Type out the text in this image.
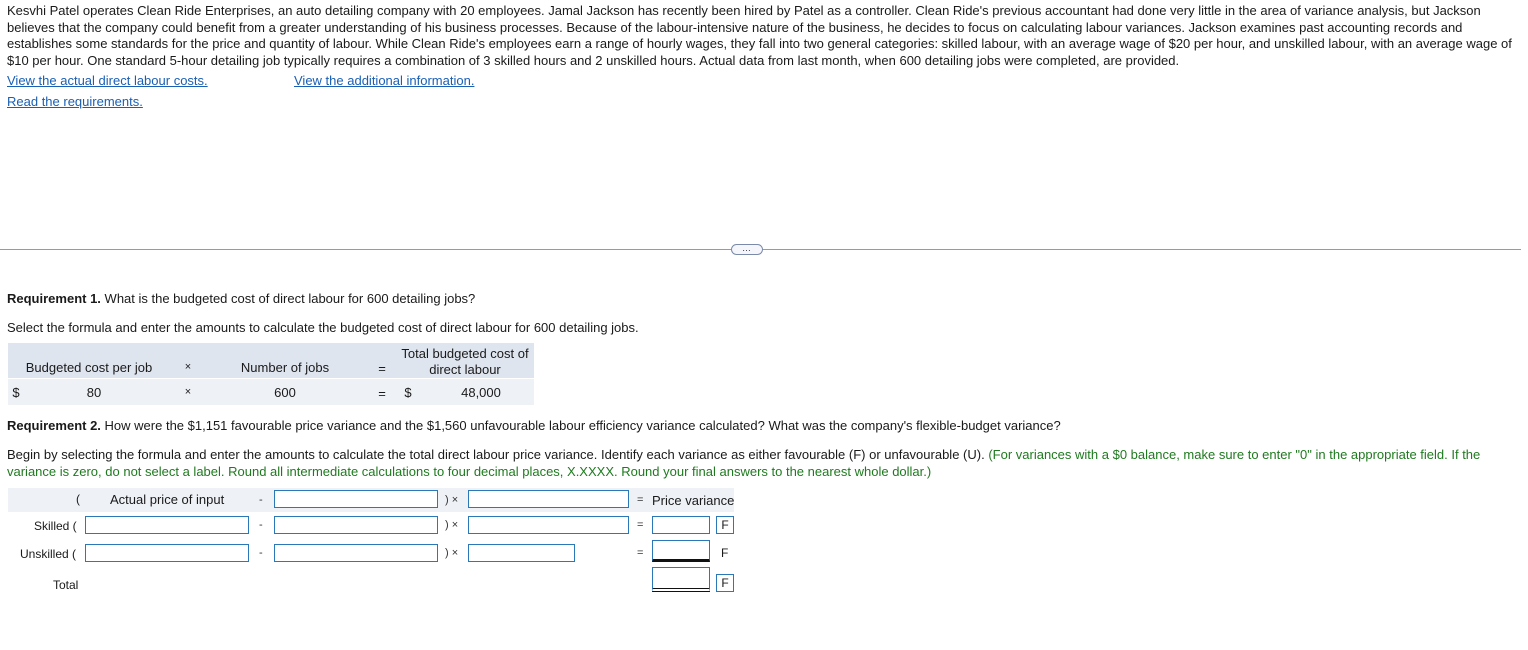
Kesvhi Patel operates Clean Ride Enterprises, an auto detailing company with 20 employees. Jamal Jackson has recently been hired by Patel as a controller. Clean Ride's previous accountant had done very little in the area of variance analysis, but Jackson believes that the company could benefit from a greater understanding of his business processes. Because of the labour-intensive nature of the business, he decides to focus on calculating labour variances. Jackson examines past accounting records and establishes some standards for the price and quantity of labour. While Clean Ride's employees earn a range of hourly wages, they fall into two general categories: skilled labour, with an average wage of $20 per hour, and unskilled labour, with an average wage of $10 per hour. One standard 5-hour detailing job typically requires a combination of 3 skilled hours and 2 unskilled hours. Actual data from last month, when 600 detailing jobs were completed, are provided.
View the actual direct labour costs.	View the additional information.
Read the requirements.
…
Requirement 1. What is the budgeted cost of direct labour for 600 detailing jobs?
Select the formula and enter the amounts to calculate the budgeted cost of direct labour for 600 detailing jobs.
Budgeted cost per job	×	Number of jobs	=
Total budgeted cost of
direct labour
$	80	×	600	=	$	48,000
Requirement 2. How were the $1,151 favourable price variance and the $1,560 unfavourable labour efficiency variance calculated? What was the company's flexible-budget variance?
Begin by selecting the formula and enter the amounts to calculate the total direct labour price variance. Identify each variance as either favourable (F) or unfavourable (U). (For variances with a $0 balance, make sure to enter "0" in the appropriate field. If the variance is zero, do not select a label. Round all intermediate calculations to four decimal places, X.XXXX. Round your final answers to the nearest whole dollar.)
( Actual price of input	-	) ×	= Price variance
Skilled (	-	) ×	=	F
Unskilled (	-	) ×	=	F
Total	F
